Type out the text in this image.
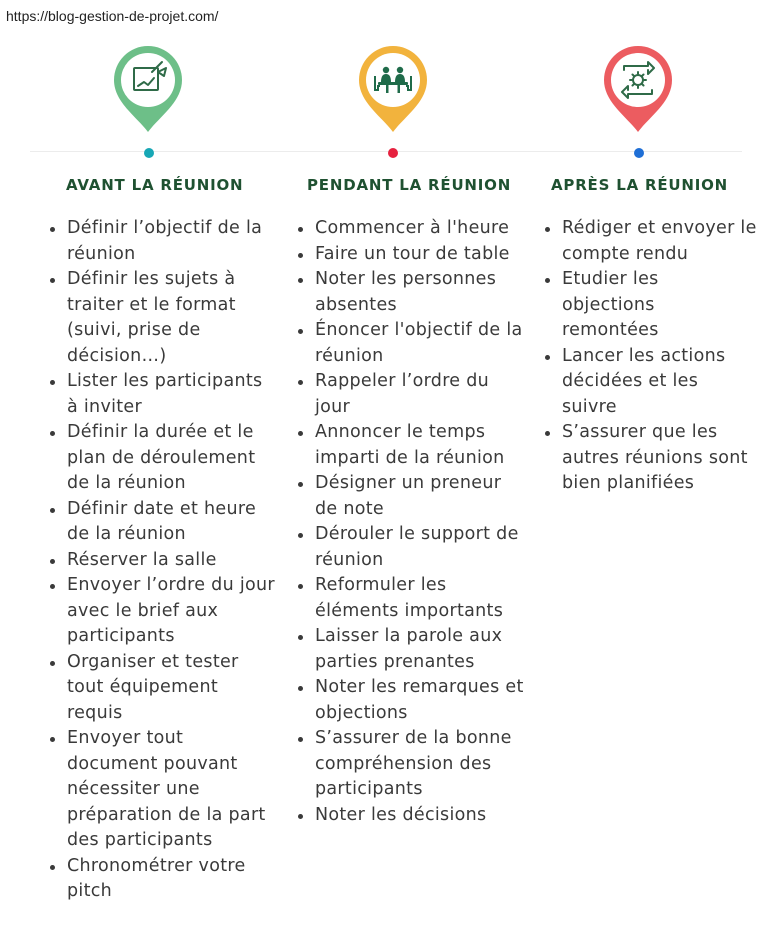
https://blog-gestion-de-projet.com/
AVANT LA RÉUNION
Définir l’objectif de la réunion
Définir les sujets à traiter et le format (suivi, prise de décision…)
Lister les participants à inviter
Définir la durée et le plan de déroulement de la réunion
Définir date et heure de la réunion
Réserver la salle
Envoyer l’ordre du jour avec le brief aux participants
Organiser et tester tout équipement requis
Envoyer tout document pouvant nécessiter une préparation de la part des participants
Chronométrer votre pitch
PENDANT LA RÉUNION
Commencer à l'heure
Faire un tour de table
Noter les personnes absentes
Énoncer l'objectif de la réunion
Rappeler l’ordre du jour
Annoncer le temps imparti de la réunion
Désigner un preneur de note
Dérouler le support de réunion
Reformuler les éléments importants
Laisser la parole aux parties prenantes
Noter les remarques et objections
S’assurer de la bonne compréhension des participants
Noter les décisions
APRÈS LA RÉUNION
Rédiger et envoyer le compte rendu
Etudier les objections remontées
Lancer les actions décidées et les suivre
S’assurer que les autres réunions sont bien planifiées
